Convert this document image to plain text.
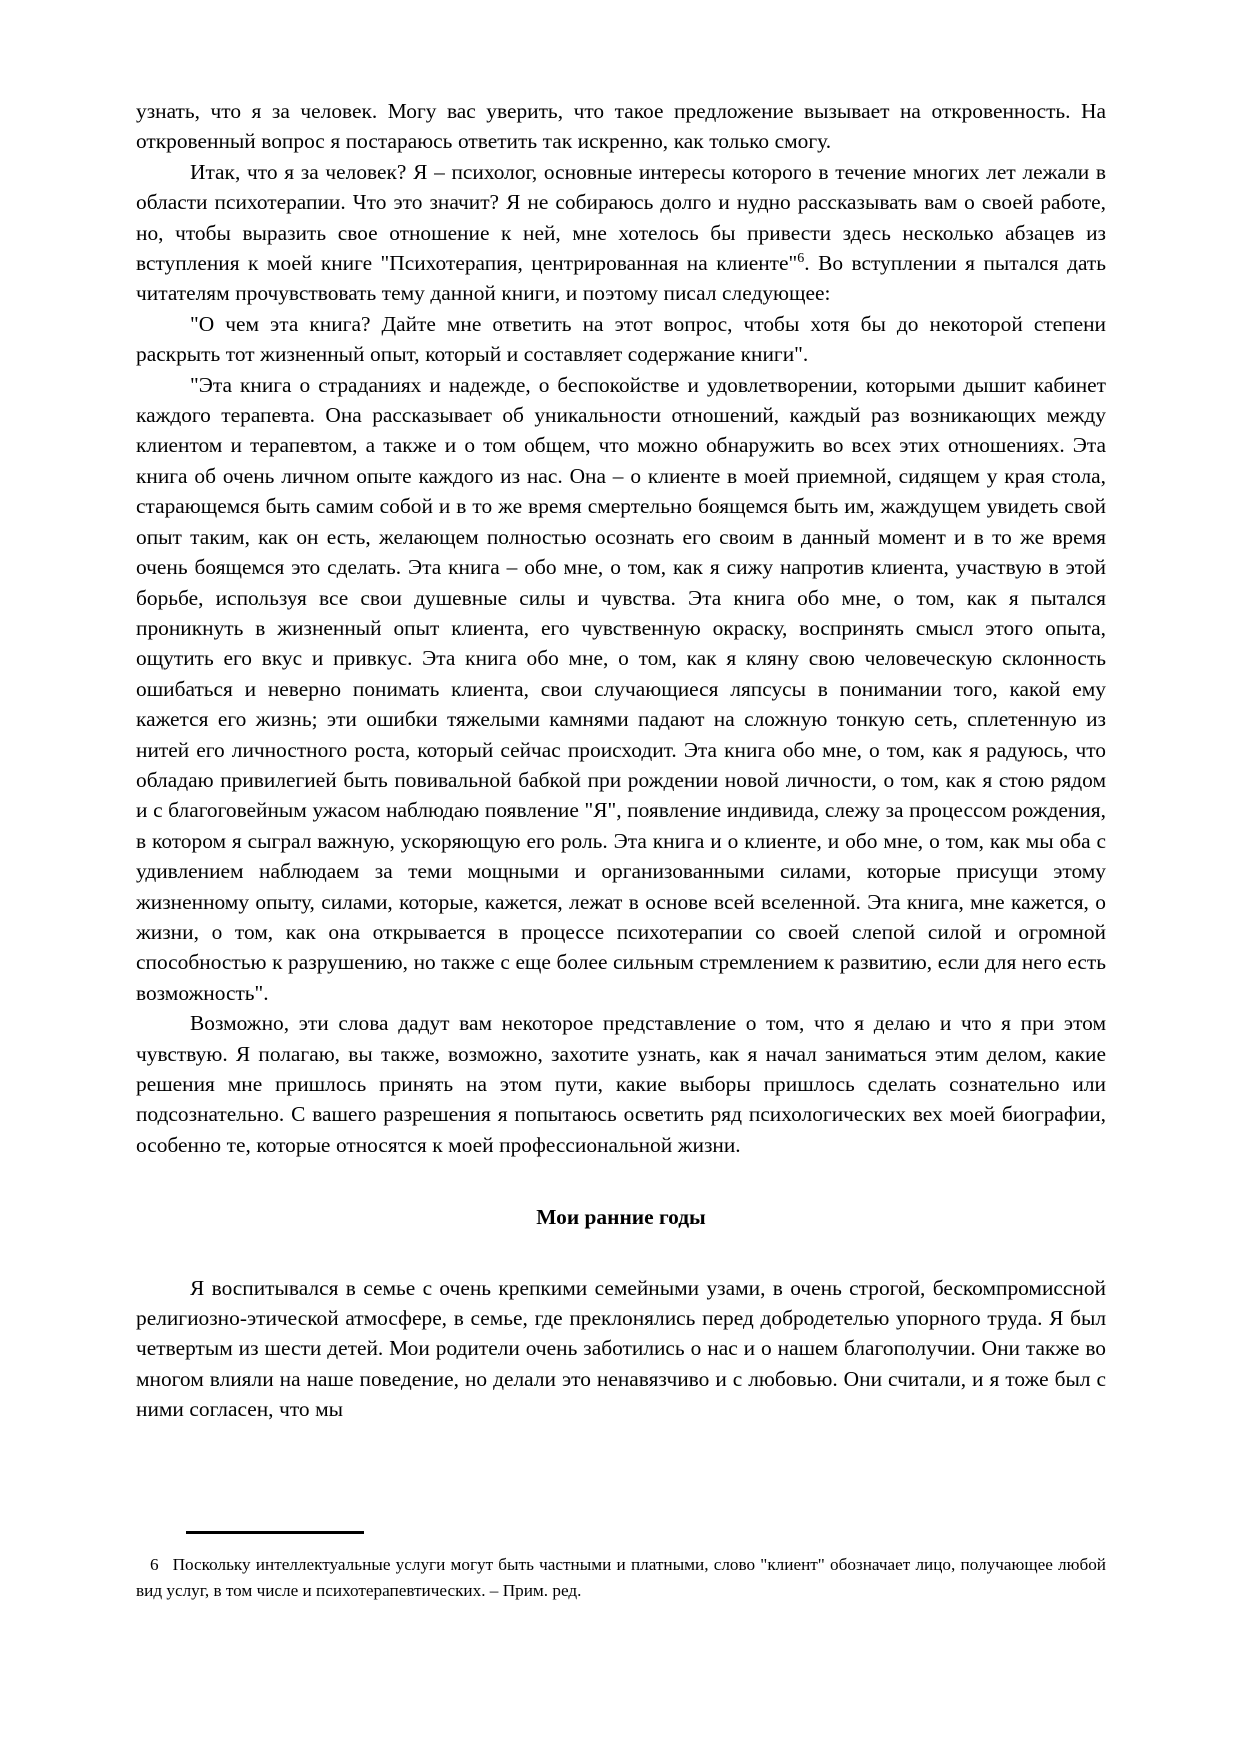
узнать, что я за человек. Могу вас уверить, что такое предложение вызывает на откровенность. На откровенный вопрос я постараюсь ответить так искренно, как только смогу.

Итак, что я за человек? Я – психолог, основные интересы которого в течение многих лет лежали в области психотерапии. Что это значит? Я не собираюсь долго и нудно рассказывать вам о своей работе, но, чтобы выразить свое отношение к ней, мне хотелось бы привести здесь несколько абзацев из вступления к моей книге "Психотерапия, центрированная на клиенте"$^6$. Во вступлении я пытался дать читателям прочувствовать тему данной книги, и поэтому писал следующее:

"О чем эта книга? Дайте мне ответить на этот вопрос, чтобы хотя бы до некоторой степени раскрыть тот жизненный опыт, который и составляет содержание книги".

"Эта книга о страданиях и надежде, о беспокойстве и удовлетворении, которыми дышит кабинет каждого терапевта. Она рассказывает об уникальности отношений, каждый раз возникающих между клиентом и терапевтом, а также и о том общем, что можно обнаружить во всех этих отношениях. Эта книга об очень личном опыте каждого из нас. Она – о клиенте в моей приемной, сидящем у края стола, старающемся быть самим собой и в то же время смертельно боящемся быть им, жаждущем увидеть свой опыт таким, как он есть, желающем полностью осознать его своим в данный момент и в то же время очень боящемся это сделать. Эта книга – обо мне, о том, как я сижу напротив клиента, участвую в этой борьбе, используя все свои душевные силы и чувства. Эта книга обо мне, о том, как я пытался проникнуть в жизненный опыт клиента, его чувственную окраску, воспринять смысл этого опыта, ощутить его вкус и привкус. Эта книга обо мне, о том, как я кляну свою человеческую склонность ошибаться и неверно понимать клиента, свои случающиеся ляпсусы в понимании того, какой ему кажется его жизнь; эти ошибки тяжелыми камнями падают на сложную тонкую сеть, сплетенную из нитей его личностного роста, который сейчас происходит. Эта книга обо мне, о том, как я радуюсь, что обладаю привилегией быть повивальной бабкой при рождении новой личности, о том, как я стою рядом и с благоговейным ужасом наблюдаю появление "Я", появление индивида, слежу за процессом рождения, в котором я сыграл важную, ускоряющую его роль. Эта книга и о клиенте, и обо мне, о том, как мы оба с удивлением наблюдаем за теми мощными и организованными силами, которые присущи этому жизненному опыту, силами, которые, кажется, лежат в основе всей вселенной. Эта книга, мне кажется, о жизни, о том, как она открывается в процессе психотерапии со своей слепой силой и огромной способностью к разрушению, но также с еще более сильным стремлением к развитию, если для него есть возможность".

Возможно, эти слова дадут вам некоторое представление о том, что я делаю и что я при этом чувствую. Я полагаю, вы также, возможно, захотите узнать, как я начал заниматься этим делом, какие решения мне пришлось принять на этом пути, какие выборы пришлось сделать сознательно или подсознательно. С вашего разрешения я попытаюсь осветить ряд психологических вех моей биографии, особенно те, которые относятся к моей профессиональной жизни.

Мои ранние годы

Я воспитывался в семье с очень крепкими семейными узами, в очень строгой, бескомпромиссной религиозно-этической атмосфере, в семье, где преклонялись перед добродетелью упорного труда. Я был четвертым из шести детей. Мои родители очень заботились о нас и о нашем благополучии. Они также во многом влияли на наше поведение, но делали это ненавязчиво и с любовью. Они считали, и я тоже был с ними согласен, что мы

6 Поскольку интеллектуальные услуги могут быть частными и платными, слово "клиент" обозначает лицо, получающее любой вид услуг, в том числе и психотерапевтических. – Прим. ред.
